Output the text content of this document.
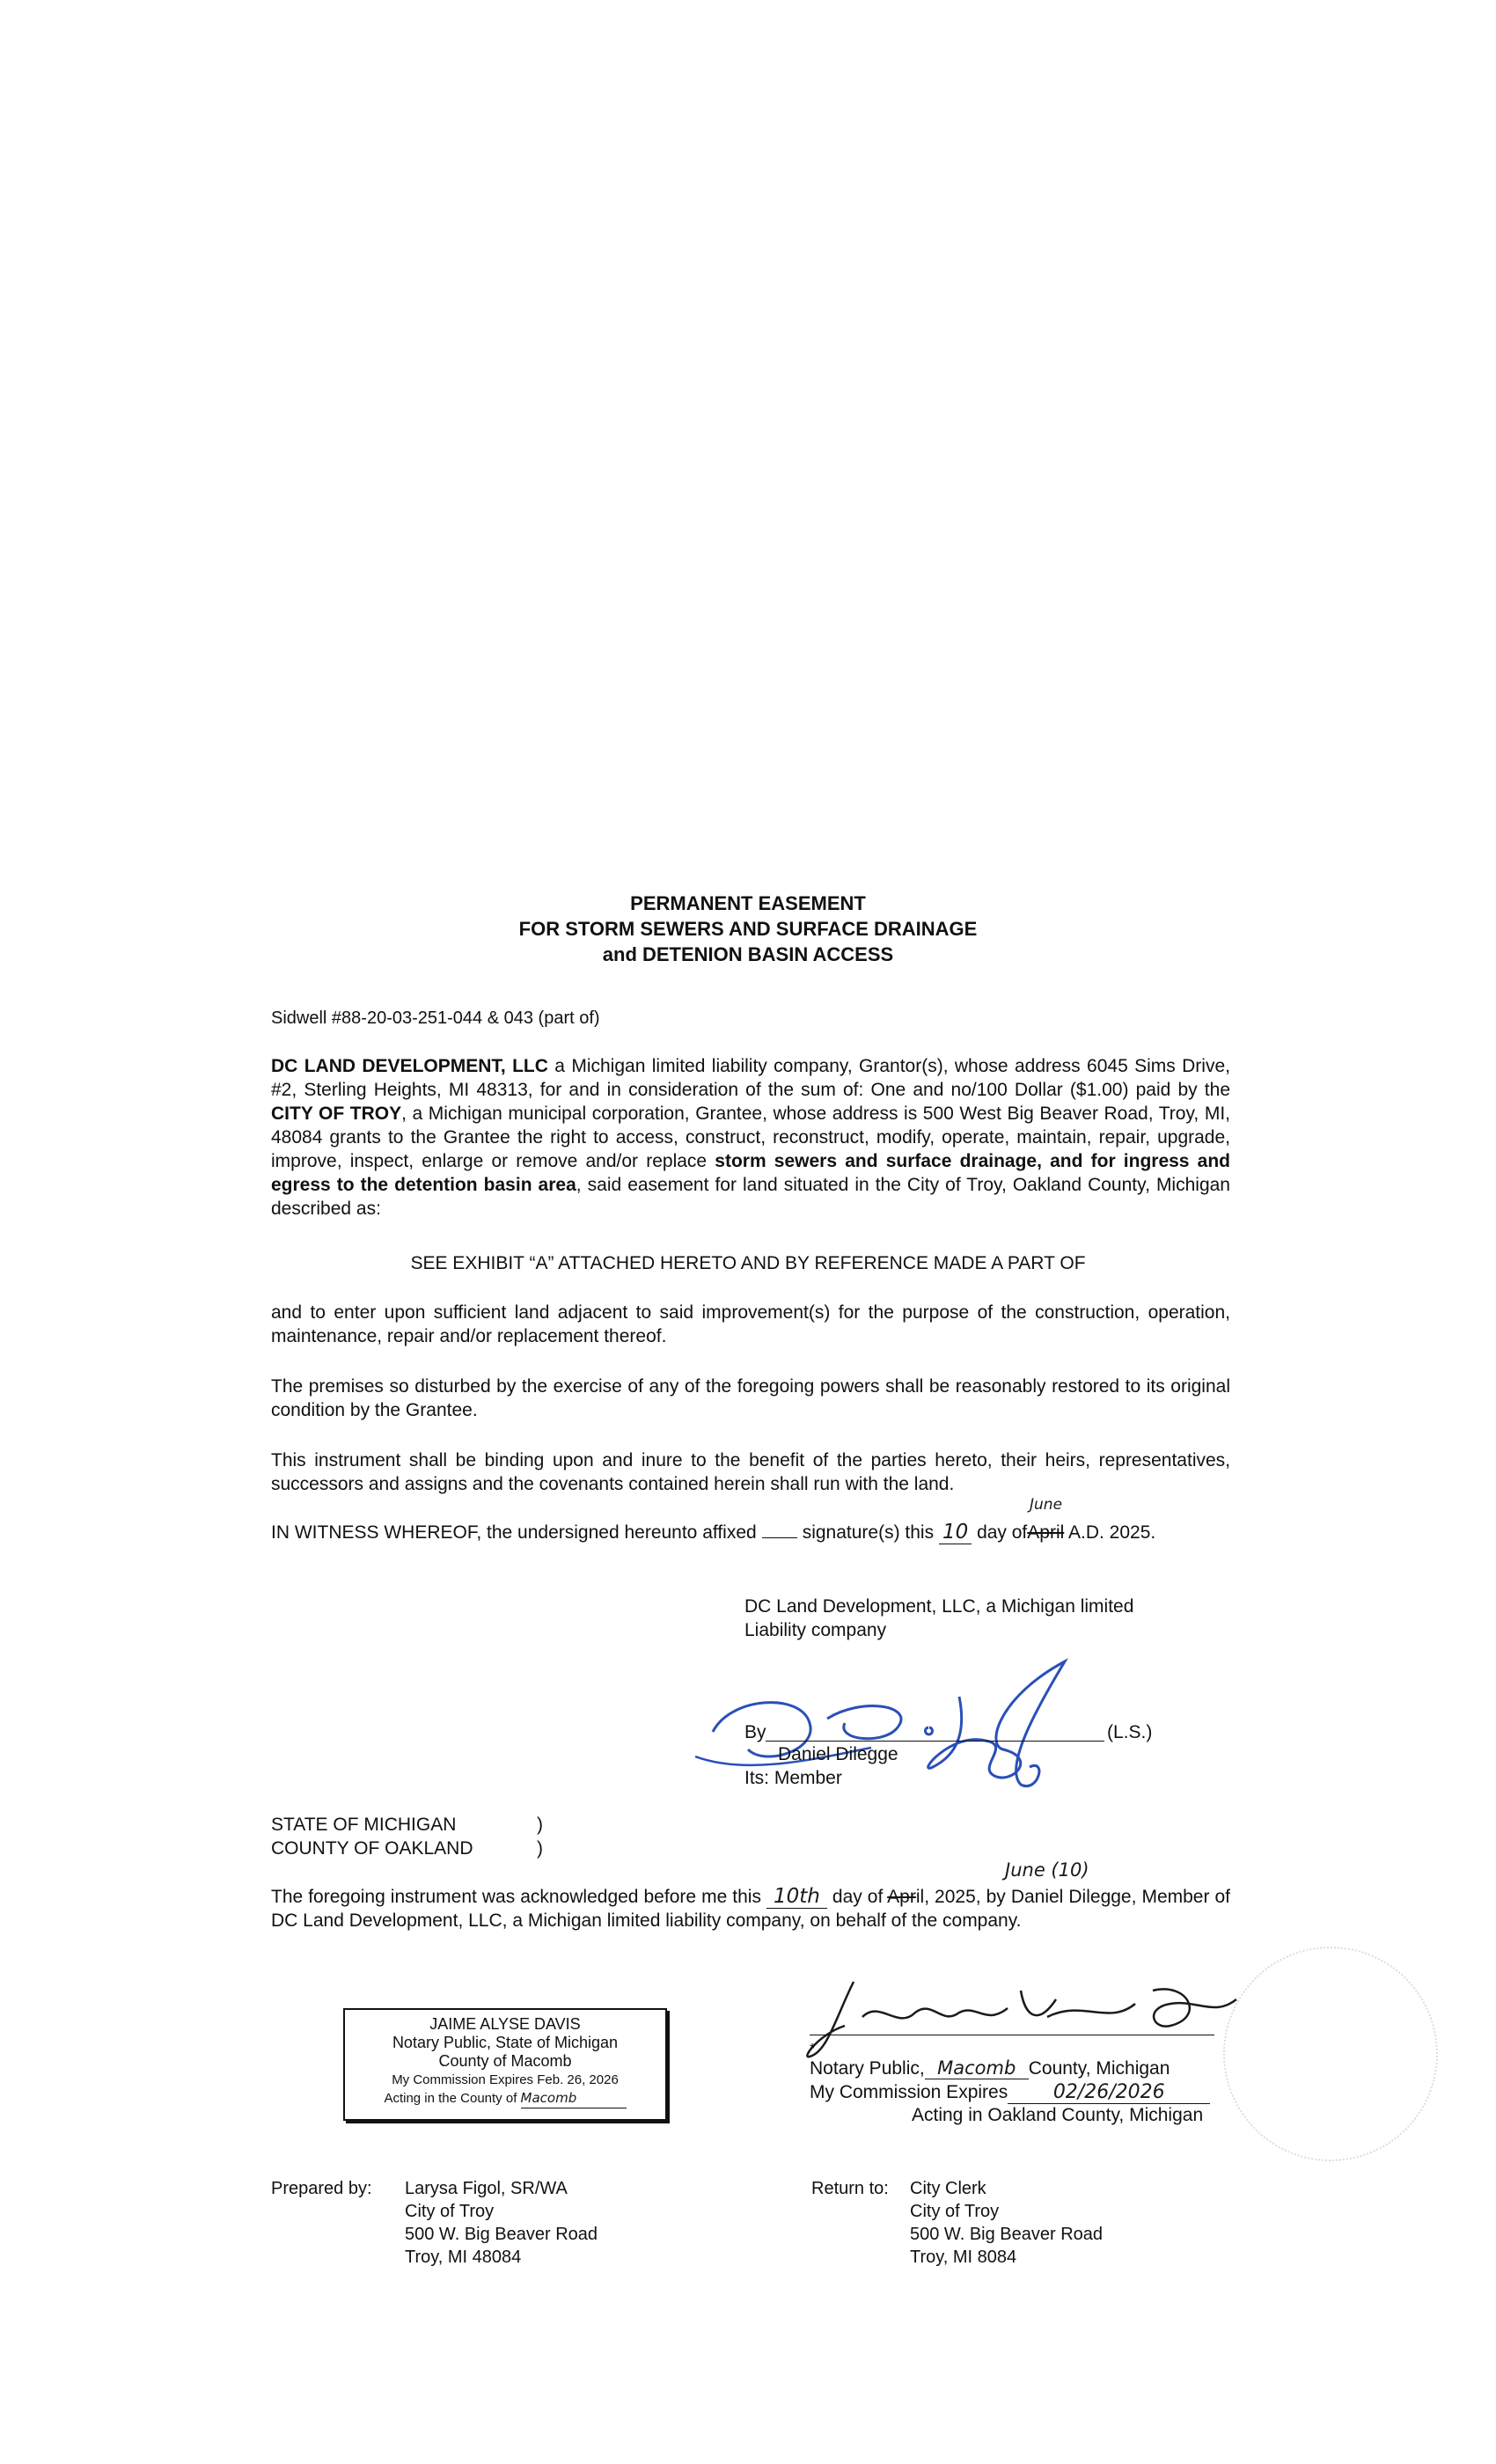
PERMANENT EASEMENT
FOR STORM SEWERS AND SURFACE DRAINAGE
and DETENION BASIN ACCESS
Sidwell #88-20-03-251-044 & 043 (part of)
DC LAND DEVELOPMENT, LLC a Michigan limited liability company, Grantor(s), whose address 6045 Sims Drive, #2, Sterling Heights, MI 48313, for and in consideration of the sum of: One and no/100 Dollar ($1.00) paid by the CITY OF TROY, a Michigan municipal corporation, Grantee, whose address is 500 West Big Beaver Road, Troy, MI, 48084 grants to the Grantee the right to access, construct, reconstruct, modify, operate, maintain, repair, upgrade, improve, inspect, enlarge or remove and/or replace storm sewers and surface drainage, and for ingress and egress to the detention basin area, said easement for land situated in the City of Troy, Oakland County, Michigan described as:
SEE EXHIBIT “A” ATTACHED HERETO AND BY REFERENCE MADE A PART OF
and to enter upon sufficient land adjacent to said improvement(s) for the purpose of the construction, operation, maintenance, repair and/or replacement thereof.
The premises so disturbed by the exercise of any of the foregoing powers shall be reasonably restored to its original condition by the Grantee.
This instrument shall be binding upon and inure to the benefit of the parties hereto, their heirs, representatives, successors and assigns and the covenants contained herein shall run with the land.
IN WITNESS WHEREOF, the undersigned hereunto affixed signature(s) this 10 day ofApril A.D. 2025.
June
DC Land Development, LLC, a Michigan limited
Liability company
By	(L.S.)
Daniel Dilegge
Its: Member
STATE OF MICHIGAN
COUNTY OF OAKLAND
)
)
June (10)
The foregoing instrument was acknowledged before me this 10th day of April, 2025, by Daniel Dilegge, Member of DC Land Development, LLC, a Michigan limited liability company, on behalf of the company.
JAIME ALYSE DAVIS
Notary Public, State of Michigan
County of Macomb
My Commission Expires Feb. 26, 2026
Acting in the County of Macomb
*
Notary Public, Macomb County, Michigan
My Commission Expires 02/26/2026
Acting in Oakland County, Michigan
Prepared by: Larysa Figol, SR/WA
City of Troy
500 W. Big Beaver Road
Troy, MI 48084
Return to: City Clerk
City of Troy
500 W. Big Beaver Road
Troy, MI 8084
